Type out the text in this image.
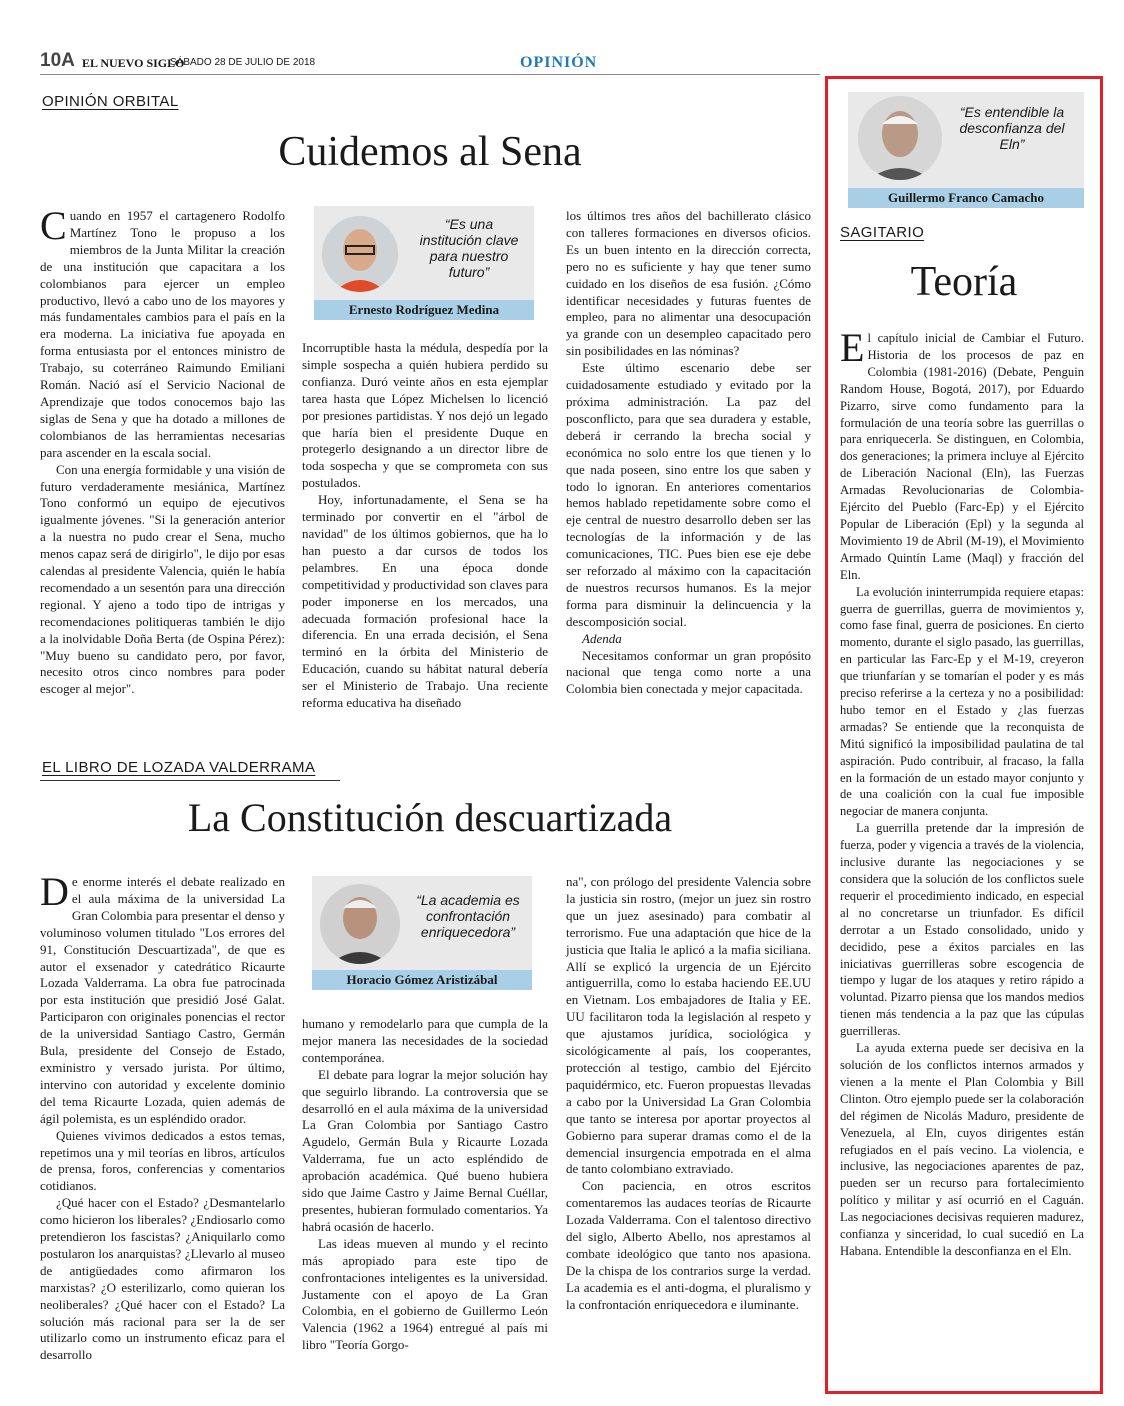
10A EL NUEVO SIGLO
SÁBADO 28 DE JULIO DE 2018	OPINIÓN
OPINIÓN ORBITAL
Cuidemos al Sena

Cuando en 1957 el cartagenero Rodolfo Martínez Tono le propuso a los miembros de la Junta Militar la creación de una institución que capacitara a los colombianos para ejercer un empleo productivo, llevó a cabo uno de los mayores y más fundamentales cambios para el país en la era moderna. La iniciativa fue apoyada en forma entusiasta por el entonces ministro de Trabajo, su coterráneo Raimundo Emiliani Román. Nació así el Servicio Nacional de Aprendizaje que todos conocemos bajo las siglas de Sena y que ha dotado a millones de colombianos de las herramientas necesarias para ascender en la escala social.

Con una energía formidable y una visión de futuro verdaderamente mesiánica, Martínez Tono conformó un equipo de ejecutivos igualmente jóvenes. "Si la generación anterior a la nuestra no pudo crear el Sena, mucho menos capaz será de dirigirlo", le dijo por esas calendas al presidente Valencia, quién le había recomendado a un sesentón para una dirección regional. Y ajeno a todo tipo de intrigas y recomendaciones politiqueras también le dijo a la inolvidable Doña Berta (de Ospina Pérez): "Muy bueno su candidato pero, por favor, necesito otros cinco nombres para poder escoger al mejor".

“Es una institución clave para nuestro futuro”
Ernesto Rodríguez Medina

Incorruptible hasta la médula, despedía por la simple sospecha a quién hubiera perdido su confianza. Duró veinte años en esta ejemplar tarea hasta que López Michelsen lo licenció por presiones partidistas. Y nos dejó un legado que haría bien el presidente Duque en protegerlo designando a un director libre de toda sospecha y que se comprometa con sus postulados.

Hoy, infortunadamente, el Sena se ha terminado por convertir en el "árbol de navidad" de los últimos gobiernos, que ha lo han puesto a dar cursos de todos los pelambres. En una época donde competitividad y productividad son claves para poder imponerse en los mercados, una adecuada formación profesional hace la diferencia. En una errada decisión, el Sena terminó en la órbita del Ministerio de Educación, cuando su hábitat natural debería ser el Ministerio de Trabajo. Una reciente reforma educativa ha diseñado

los últimos tres años del bachillerato clásico con talleres formaciones en diversos oficios. Es un buen intento en la dirección correcta, pero no es suficiente y hay que tener sumo cuidado en los diseños de esa fusión. ¿Cómo identificar necesidades y futuras fuentes de empleo, para no alimentar una desocupación ya grande con un desempleo capacitado pero sin posibilidades en las nóminas?

Este último escenario debe ser cuidadosamente estudiado y evitado por la próxima administración. La paz del posconflicto, para que sea duradera y estable, deberá ir cerrando la brecha social y económica no solo entre los que tienen y lo que nada poseen, sino entre los que saben y todo lo ignoran. En anteriores comentarios hemos hablado repetidamente sobre como el eje central de nuestro desarrollo deben ser las tecnologías de la información y de las comunicaciones, TIC. Pues bien ese eje debe ser reforzado al máximo con la capacitación de nuestros recursos humanos. Es la mejor forma para disminuir la delincuencia y la descomposición social.

Adenda

Necesitamos conformar un gran propósito nacional que tenga como norte a una Colombia bien conectada y mejor capacitada.

EL LIBRO DE LOZADA VALDERRAMA
La Constitución descuartizada

De enorme interés el debate realizado en el aula máxima de la universidad La Gran Colombia para presentar el denso y voluminoso volumen titulado "Los errores del 91, Constitución Descuartizada", de que es autor el exsenador y catedrático Ricaurte Lozada Valderrama. La obra fue patrocinada por esta institución que presidió José Galat. Participaron con originales ponencias el rector de la universidad Santiago Castro, Germán Bula, presidente del Consejo de Estado, exministro y versado jurista. Por último, intervino con autoridad y excelente dominio del tema Ricaurte Lozada, quien además de ágil polemista, es un espléndido orador.

Quienes vivimos dedicados a estos temas, repetimos una y mil teorías en libros, artículos de prensa, foros, conferencias y comentarios cotidianos.

¿Qué hacer con el Estado? ¿Desmantelarlo como hicieron los liberales? ¿Endiosarlo como pretendieron los fascistas? ¿Aniquilarlo como postularon los anarquistas? ¿Llevarlo al museo de antigüedades como afirmaron los marxistas? ¿O esterilizarlo, como quieran los neoliberales? ¿Qué hacer con el Estado? La solución más racional para ser la de ser utilizarlo como un instrumento eficaz para el desarrollo

“La academia es confrontación enriquecedora”
Horacio Gómez Aristizábal

humano y remodelarlo para que cumpla de la mejor manera las necesidades de la sociedad contemporánea.

El debate para lograr la mejor solución hay que seguirlo librando. La controversia que se desarrolló en el aula máxima de la universidad La Gran Colombia por Santiago Castro Agudelo, Germán Bula y Ricaurte Lozada Valderrama, fue un acto espléndido de aprobación académica. Qué bueno hubiera sido que Jaime Castro y Jaime Bernal Cuéllar, presentes, hubieran formulado comentarios. Ya habrá ocasión de hacerlo.

Las ideas mueven al mundo y el recinto más apropiado para este tipo de confrontaciones inteligentes es la universidad. Justamente con el apoyo de La Gran Colombia, en el gobierno de Guillermo León Valencia (1962 a 1964) entregué al país mi libro "Teoría Gorgo-

na", con prólogo del presidente Valencia sobre la justicia sin rostro, (mejor un juez sin rostro que un juez asesinado) para combatir al terrorismo. Fue una adaptación que hice de la justicia que Italia le aplicó a la mafia siciliana. Allí se explicó la urgencia de un Ejército antiguerrilla, como lo estaba haciendo EE.UU en Vietnam. Los embajadores de Italia y EE. UU facilitaron toda la legislación al respeto y que ajustamos jurídica, sociológica y sicológicamente al país, los cooperantes, protección al testigo, cambio del Ejército paquidérmico, etc. Fueron propuestas llevadas a cabo por la Universidad La Gran Colombia que tanto se interesa por aportar proyectos al Gobierno para superar dramas como el de la demencial insurgencia empotrada en el alma de tanto colombiano extraviado.

Con paciencia, en otros escritos comentaremos las audaces teorías de Ricaurte Lozada Valderrama. Con el talentoso directivo del siglo, Alberto Abello, nos aprestamos al combate ideológico que tanto nos apasiona. De la chispa de los contrarios surge la verdad. La academia es el anti-dogma, el pluralismo y la confrontación enriquecedora e iluminante.

“Es entendible la desconfianza del Eln”
Guillermo Franco Camacho
SAGITARIO
Teoría

El capítulo inicial de Cambiar el Futuro. Historia de los procesos de paz en Colombia (1981-2016) (Debate, Penguin Random House, Bogotá, 2017), por Eduardo Pizarro, sirve como fundamento para la formulación de una teoría sobre las guerrillas o para enriquecerla. Se distinguen, en Colombia, dos generaciones; la primera incluye al Ejército de Liberación Nacional (Eln), las Fuerzas Armadas Revolucionarias de Colombia- Ejército del Pueblo (Farc-Ep) y el Ejército Popular de Liberación (Epl) y la segunda al Movimiento 19 de Abril (M-19), el Movimiento Armado Quintín Lame (Maql) y fracción del Eln.

La evolución ininterrumpida requiere etapas: guerra de guerrillas, guerra de movimientos y, como fase final, guerra de posiciones. En cierto momento, durante el siglo pasado, las guerrillas, en particular las Farc-Ep y el M-19, creyeron que triunfarían y se tomarían el poder y es más preciso referirse a la certeza y no a posibilidad: hubo temor en el Estado y ¿las fuerzas armadas? Se entiende que la reconquista de Mitú significó la imposibilidad paulatina de tal aspiración. Pudo contribuir, al fracaso, la falla en la formación de un estado mayor conjunto y de una coalición con la cual fue imposible negociar de manera conjunta.

La guerrilla pretende dar la impresión de fuerza, poder y vigencia a través de la violencia, inclusive durante las negociaciones y se considera que la solución de los conflictos suele requerir el procedimiento indicado, en especial al no concretarse un triunfador. Es difícil derrotar a un Estado consolidado, unido y decidido, pese a éxitos parciales en las iniciativas guerrilleras sobre escogencia de tiempo y lugar de los ataques y retiro rápido a voluntad. Pizarro piensa que los mandos medios tienen más tendencia a la paz que las cúpulas guerrilleras.

La ayuda externa puede ser decisiva en la solución de los conflictos internos armados y vienen a la mente el Plan Colombia y Bill Clinton. Otro ejemplo puede ser la colaboración del régimen de Nicolás Maduro, presidente de Venezuela, al Eln, cuyos dirigentes están refugiados en el país vecino. La violencia, e inclusive, las negociaciones aparentes de paz, pueden ser un recurso para fortalecimiento político y militar y así ocurrió en el Caguán. Las negociaciones decisivas requieren madurez, confianza y sinceridad, lo cual sucedió en La Habana. Entendible la desconfianza en el Eln.
